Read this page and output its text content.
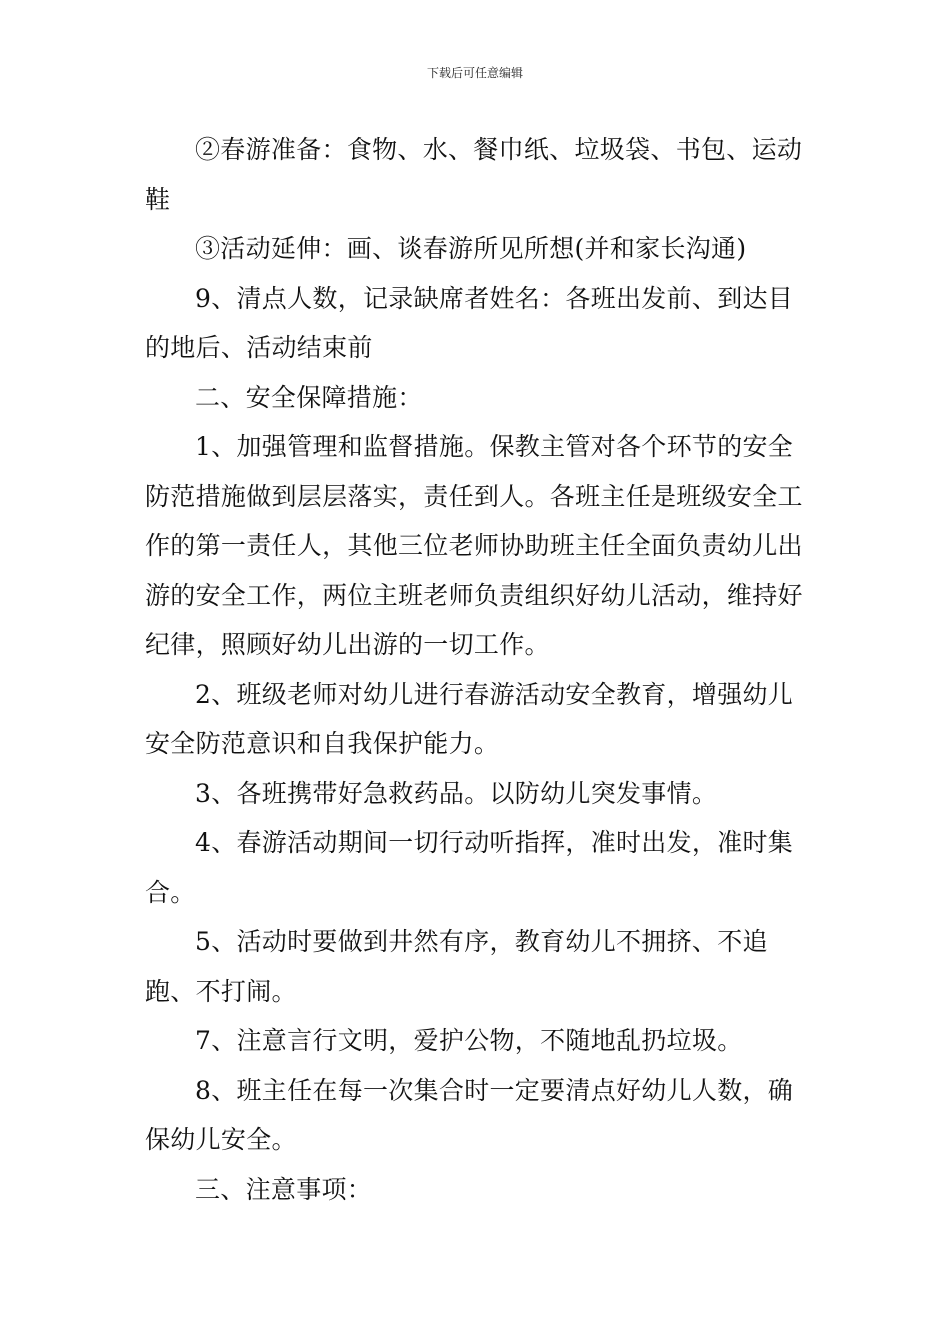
下载后可任意编辑

②春游准备：食物、水、餐巾纸、垃圾袋、书包、运动鞋

③活动延伸：画、谈春游所见所想(并和家长沟通)

9、清点人数，记录缺席者姓名：各班出发前、到达目的地后、活动结束前

二、安全保障措施：

1、加强管理和监督措施。保教主管对各个环节的安全防范措施做到层层落实，责任到人。各班主任是班级安全工作的第一责任人，其他三位老师协助班主任全面负责幼儿出游的安全工作，两位主班老师负责组织好幼儿活动，维持好纪律，照顾好幼儿出游的一切工作。

2、班级老师对幼儿进行春游活动安全教育，增强幼儿安全防范意识和自我保护能力。

3、各班携带好急救药品。以防幼儿突发事情。

4、春游活动期间一切行动听指挥，准时出发，准时集合。

5、活动时要做到井然有序，教育幼儿不拥挤、不追跑、不打闹。

7、注意言行文明，爱护公物，不随地乱扔垃圾。

8、班主任在每一次集合时一定要清点好幼儿人数，确保幼儿安全。

三、注意事项：
